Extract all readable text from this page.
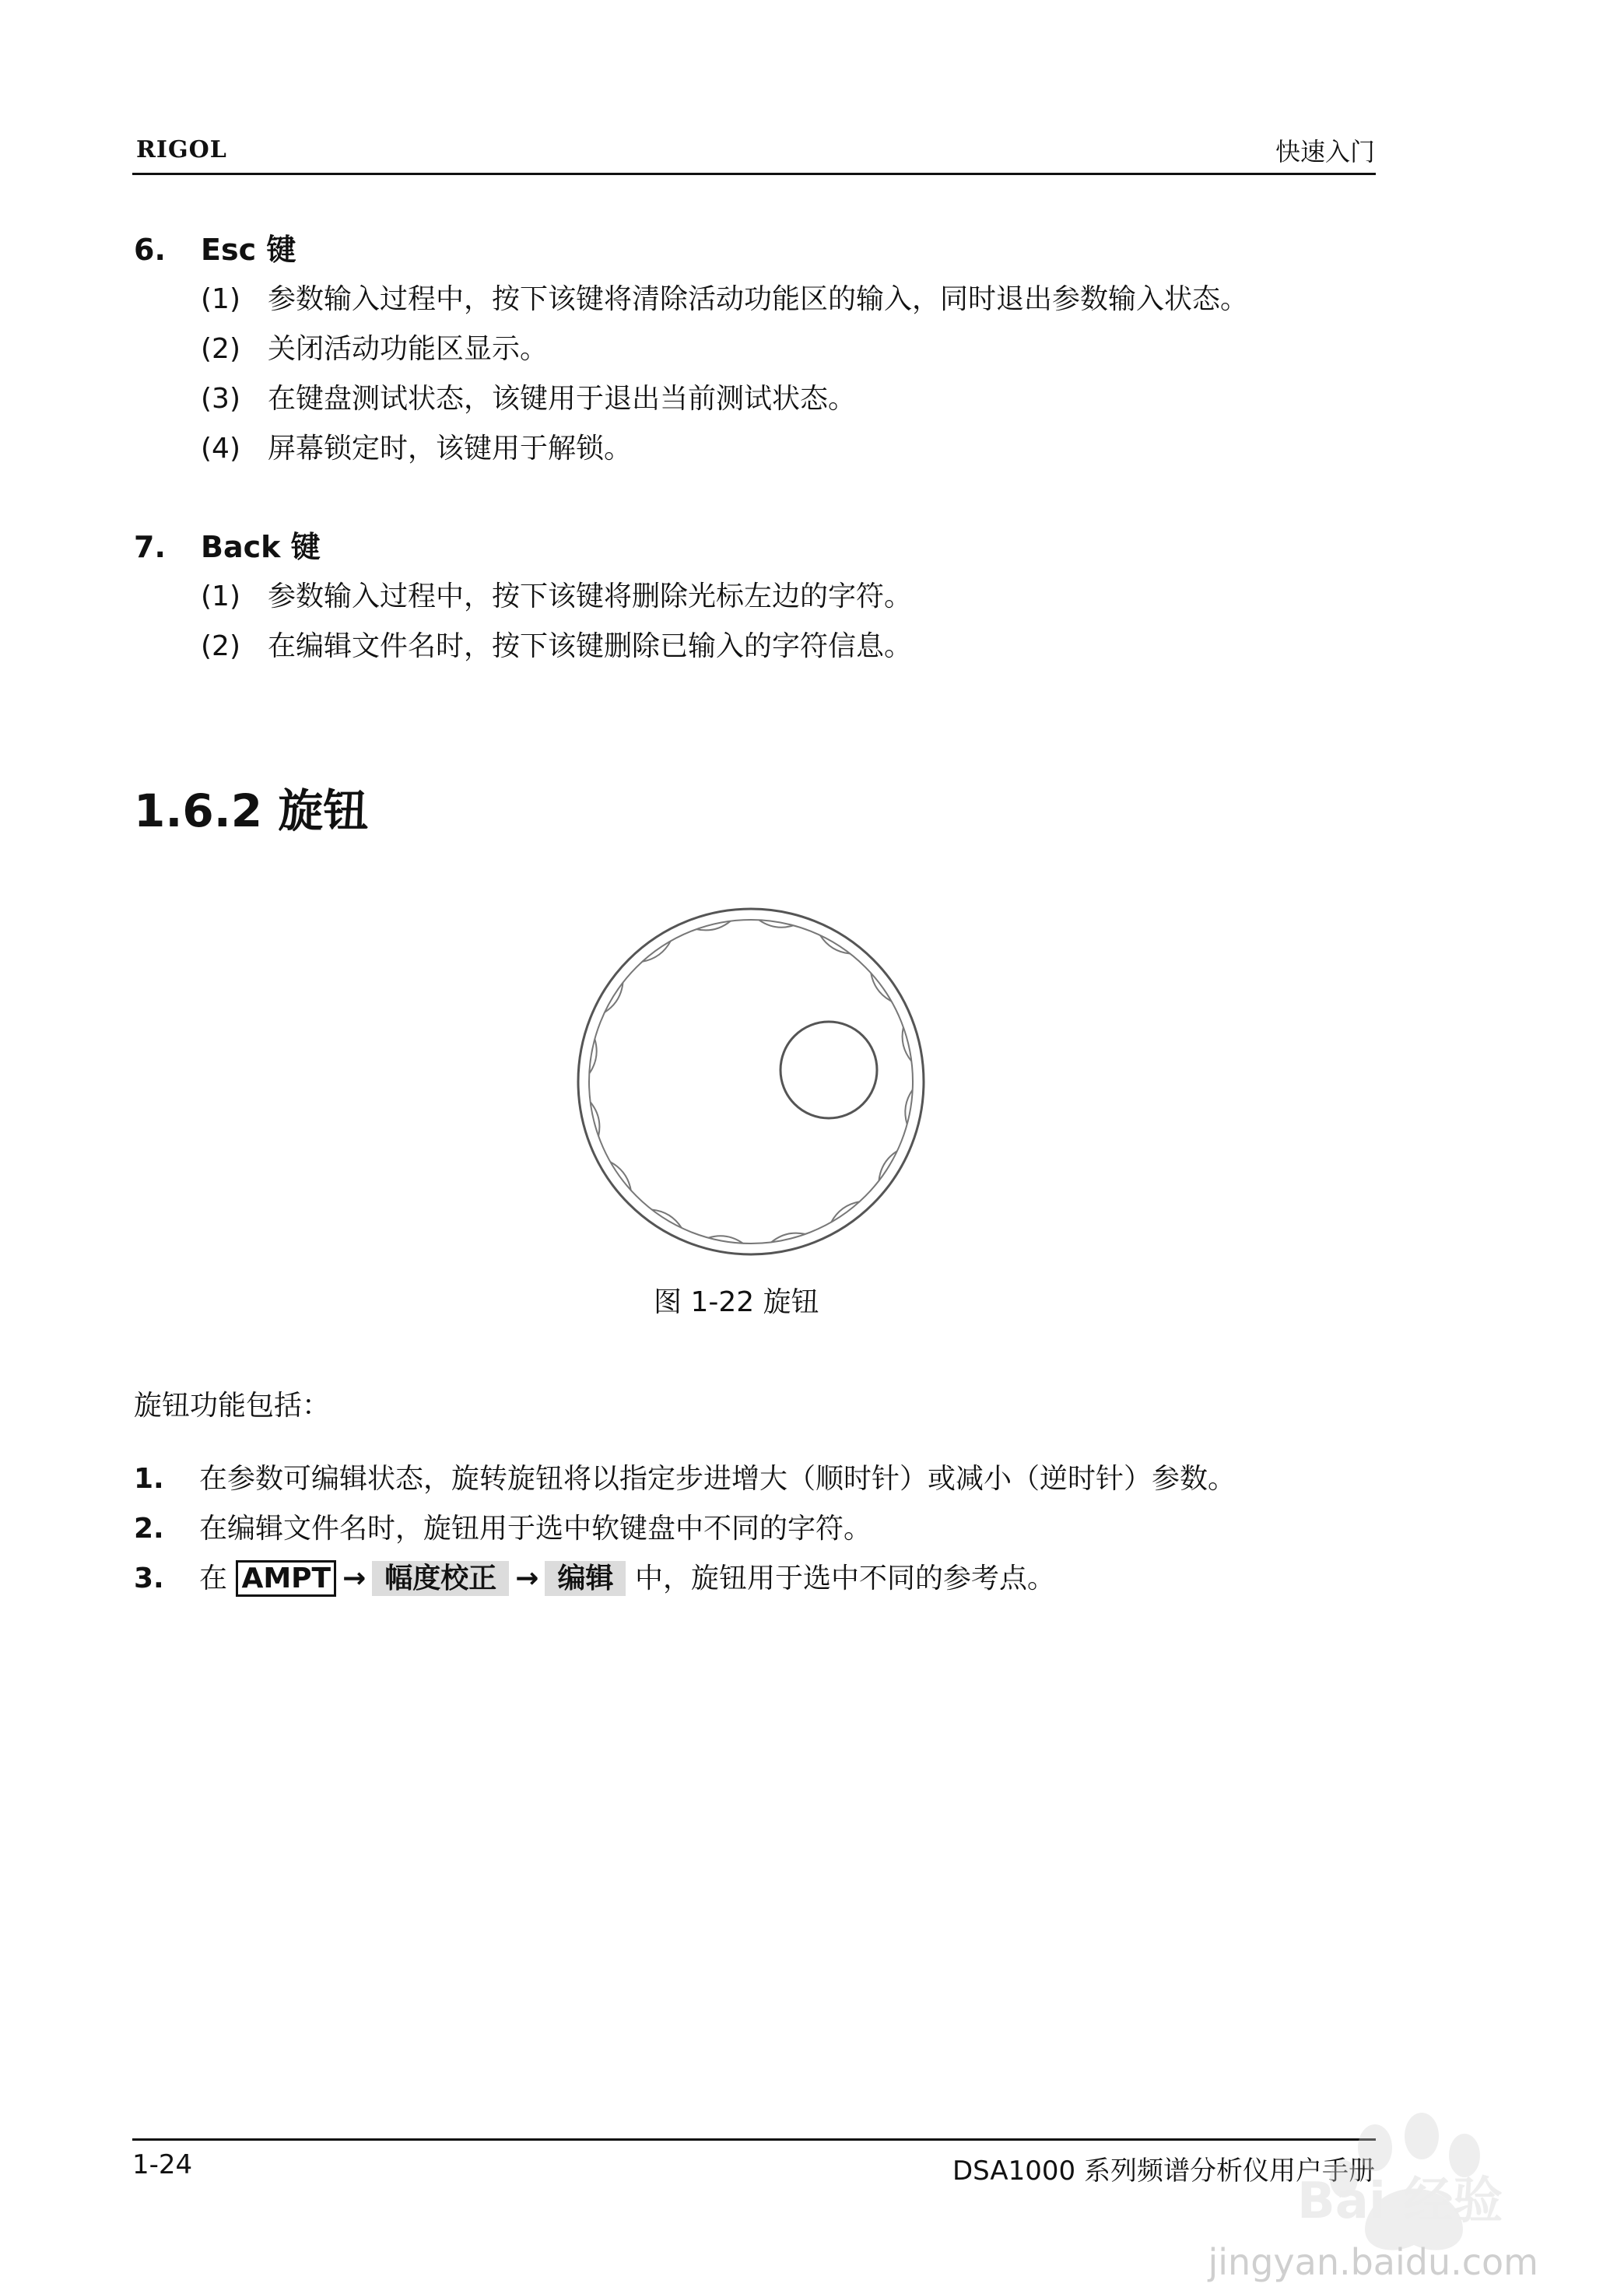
RIGOL	快速入门
6. Esc 键
(1) 参数输入过程中，按下该键将清除活动功能区的输入，同时退出参数输入状态。
(2) 关闭活动功能区显示。
(3) 在键盘测试状态，该键用于退出当前测试状态。
(4) 屏幕锁定时，该键用于解锁。
7. Back 键
(1) 参数输入过程中，按下该键将删除光标左边的字符。
(2) 在编辑文件名时，按下该键删除已输入的字符信息。
1.6.2 旋钮
图 1-22 旋钮
旋钮功能包括：
1. 在参数可编辑状态，旋转旋钮将以指定步进增大（顺时针）或减小（逆时针）参数。
2. 在编辑文件名时，旋钮用于选中软键盘中不同的字符。
3. 在 AMPT → 幅度校正 → 编辑 中，旋钮用于选中不同的参考点。
1-24	DSA1000 系列频谱分析仪用户手册
Bai 经验
jingyan.baidu.com
